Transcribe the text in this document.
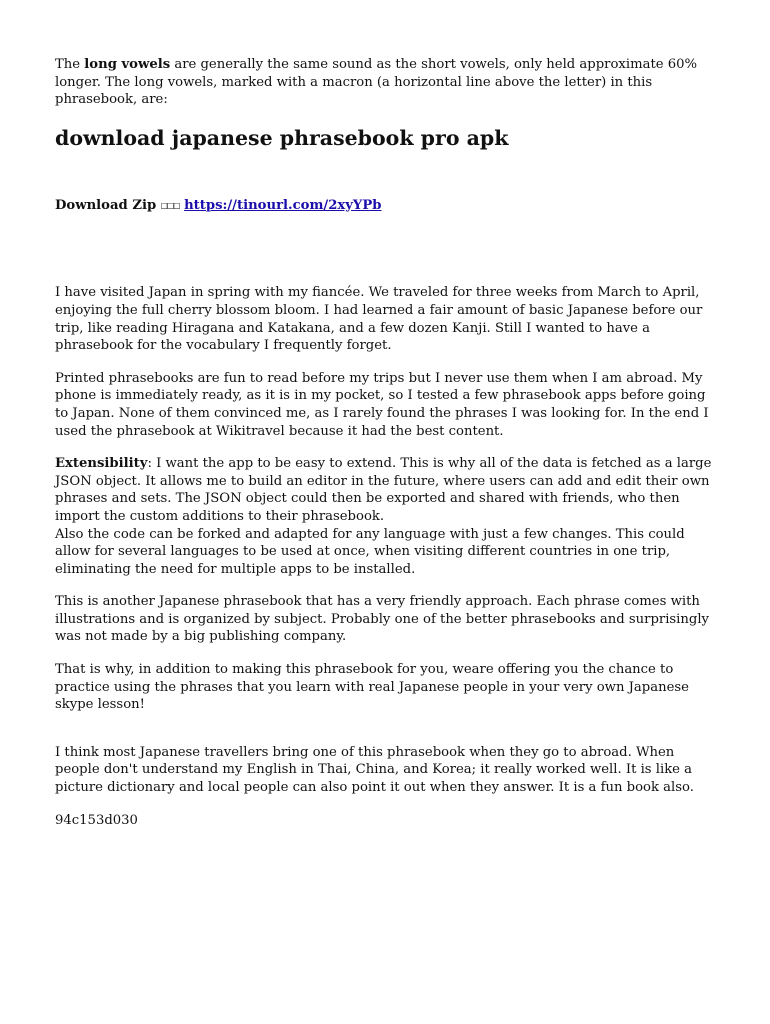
The long vowels are generally the same sound as the short vowels, only held approximate 60% longer. The long vowels, marked with a macron (a horizontal line above the letter) in this phrasebook, are:

download japanese phrasebook pro apk

Download Zip ☐☐☐ https://tinourl.com/2xyYPb

I have visited Japan in spring with my fiancée. We traveled for three weeks from March to April, enjoying the full cherry blossom bloom. I had learned a fair amount of basic Japanese before our trip, like reading Hiragana and Katakana, and a few dozen Kanji. Still I wanted to have a phrasebook for the vocabulary I frequently forget.

Printed phrasebooks are fun to read before my trips but I never use them when I am abroad. My phone is immediately ready, as it is in my pocket, so I tested a few phrasebook apps before going to Japan. None of them convinced me, as I rarely found the phrases I was looking for. In the end I used the phrasebook at Wikitravel because it had the best content.

Extensibility: I want the app to be easy to extend. This is why all of the data is fetched as a large JSON object. It allows me to build an editor in the future, where users can add and edit their own phrases and sets. The JSON object could then be exported and shared with friends, who then import the custom additions to their phrasebook.
Also the code can be forked and adapted for any language with just a few changes. This could allow for several languages to be used at once, when visiting different countries in one trip, eliminating the need for multiple apps to be installed.

This is another Japanese phrasebook that has a very friendly approach. Each phrase comes with illustrations and is organized by subject. Probably one of the better phrasebooks and surprisingly was not made by a big publishing company.

That is why, in addition to making this phrasebook for you, weare offering you the chance to practice using the phrases that you learn with real Japanese people in your very own Japanese skype lesson!

I think most Japanese travellers bring one of this phrasebook when they go to abroad. When people don't understand my English in Thai, China, and Korea; it really worked well. It is like a picture dictionary and local people can also point it out when they answer. It is a fun book also.

94c153d030
